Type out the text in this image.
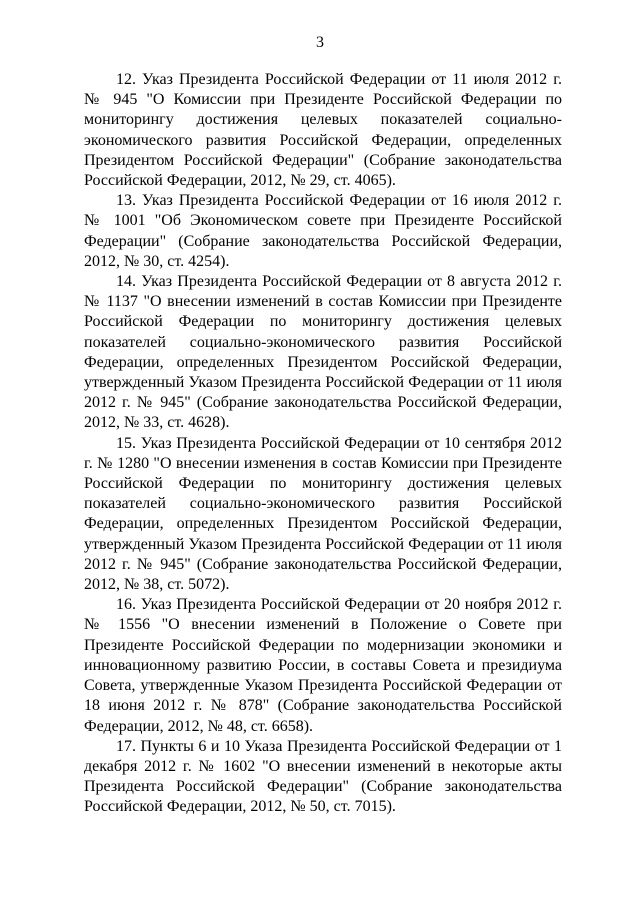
3

12. Указ Президента Российской Федерации от 11 июля 2012 г. № 945 "О Комиссии при Президенте Российской Федерации по мониторингу достижения целевых показателей социально-экономического развития Российской Федерации, определенных Президентом Российской Федерации" (Собрание законодательства Российской Федерации, 2012, № 29, ст. 4065).

13. Указ Президента Российской Федерации от 16 июля 2012 г. № 1001 "Об Экономическом совете при Президенте Российской Федерации" (Собрание законодательства Российской Федерации, 2012, № 30, ст. 4254).

14. Указ Президента Российской Федерации от 8 августа 2012 г. № 1137 "О внесении изменений в состав Комиссии при Президенте Российской Федерации по мониторингу достижения целевых показателей социально-экономического развития Российской Федерации, определенных Президентом Российской Федерации, утвержденный Указом Президента Российской Федерации от 11 июля 2012 г. № 945" (Собрание законодательства Российской Федерации, 2012, № 33, ст. 4628).

15. Указ Президента Российской Федерации от 10 сентября 2012 г. № 1280 "О внесении изменения в состав Комиссии при Президенте Российской Федерации по мониторингу достижения целевых показателей социально-экономического развития Российской Федерации, определенных Президентом Российской Федерации, утвержденный Указом Президента Российской Федерации от 11 июля 2012 г. № 945" (Собрание законодательства Российской Федерации, 2012, № 38, ст. 5072).

16. Указ Президента Российской Федерации от 20 ноября 2012 г. № 1556 "О внесении изменений в Положение о Совете при Президенте Российской Федерации по модернизации экономики и инновационному развитию России, в составы Совета и президиума Совета, утвержденные Указом Президента Российской Федерации от 18 июня 2012 г. № 878" (Собрание законодательства Российской Федерации, 2012, № 48, ст. 6658).

17. Пункты 6 и 10 Указа Президента Российской Федерации от 1 декабря 2012 г. № 1602 "О внесении изменений в некоторые акты Президента Российской Федерации" (Собрание законодательства Российской Федерации, 2012, № 50, ст. 7015).
